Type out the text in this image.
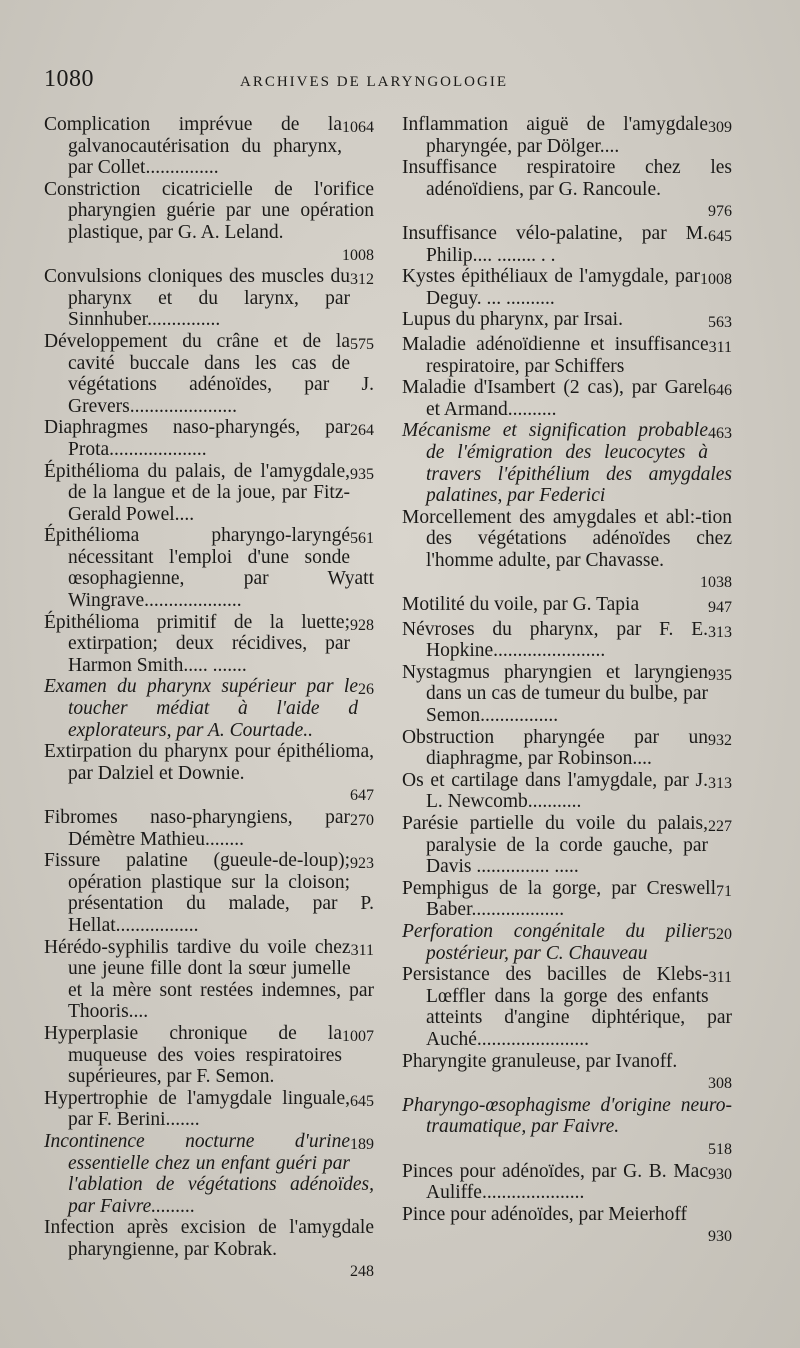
1080	ARCHIVES DE LARYNGOLOGIE
1064
Complication imprévue de la galvanocautérisation du pharynx, par Collet...............
Constriction cicatricielle de l'orifice pharyngien guérie par une opération plastique, par G. A. Leland.
1008
312
Convulsions cloniques des muscles du pharynx et du larynx, par Sinnhuber...............
575
Développement du crâne et de la cavité buccale dans les cas de végétations adénoïdes, par J. Grevers......................
264
Diaphragmes naso-pharyngés, par Prota....................
935
Épithélioma du palais, de l'amygdale, de la langue et de la joue, par Fitz-Gerald Powel....
561
Épithélioma pharyngo-laryngé nécessitant l'emploi d'une sonde œsophagienne, par Wyatt Wingrave....................
928
Épithélioma primitif de la luette; extirpation; deux récidives, par Harmon Smith..... .......
26
Examen du pharynx supérieur par le toucher médiat à l'aide d explorateurs, par A. Courtade..
Extirpation du pharynx pour épithélioma, par Dalziel et Downie.
647
270
Fibromes naso-pharyngiens, par Démètre Mathieu........
923
Fissure palatine (gueule-de-loup); opération plastique sur la cloison; présentation du malade, par P. Hellat.................
311
Hérédo-syphilis tardive du voile chez une jeune fille dont la sœur jumelle et la mère sont restées indemnes, par Thooris....
1007
Hyperplasie chronique de la muqueuse des voies respiratoires supérieures, par F. Semon.
645
Hypertrophie de l'amygdale linguale, par F. Berini.......
189
Incontinence nocturne d'urine essentielle chez un enfant guéri par l'ablation de végétations adénoïdes, par Faivre.........
Infection après excision de l'amygdale pharyngienne, par Kobrak.
248
309
Inflammation aiguë de l'amygdale pharyngée, par Dölger....
Insuffisance respiratoire chez les adénoïdiens, par G. Rancoule.
976
645
Insuffisance vélo-palatine, par M. Philip.... ........ . .
1008
Kystes épithéliaux de l'amygdale, par Deguy. ... ..........
563
Lupus du pharynx, par Irsai.
311
Maladie adénoïdienne et insuffisance respiratoire, par Schiffers
646
Maladie d'Isambert (2 cas), par Garel et Armand..........
463
Mécanisme et signification probable de l'émigration des leucocytes à travers l'épithélium des amygdales palatines, par Federici
Morcellement des amygdales et abl:-tion des végétations adénoïdes chez l'homme adulte, par Chavasse.
1038
947
Motilité du voile, par G. Tapia
313
Névroses du pharynx, par F. E. Hopkine.......................
935
Nystagmus pharyngien et laryngien dans un cas de tumeur du bulbe, par Semon................
932
Obstruction pharyngée par un diaphragme, par Robinson....
313
Os et cartilage dans l'amygdale, par J. L. Newcomb...........
227
Parésie partielle du voile du palais, paralysie de la corde gauche, par Davis ............... .....
71
Pemphigus de la gorge, par Creswell Baber...................
520
Perforation congénitale du pilier postérieur, par C. Chauveau
311
Persistance des bacilles de Klebs-Lœffler dans la gorge des enfants atteints d'angine diphtérique, par Auché.......................
Pharyngite granuleuse, par Ivanoff.
308
Pharyngo-œsophagisme d'origine neuro-traumatique, par Faivre.
518
930
Pinces pour adénoïdes, par G. B. Mac Auliffe.....................
Pince pour adénoïdes, par Meierhoff
930
